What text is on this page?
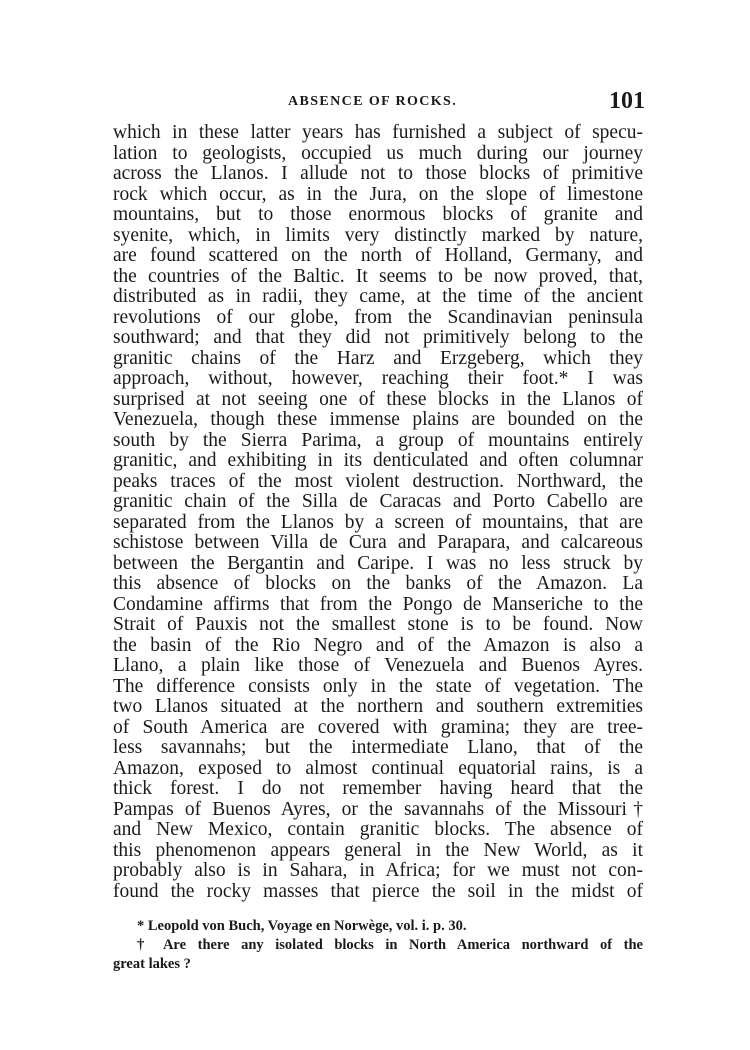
ABSENCE OF ROCKS.	101
which in these latter years has furnished a subject of specu-
lation to geologists, occupied us much during our journey
across the Llanos. I allude not to those blocks of primitive
rock which occur, as in the Jura, on the slope of limestone
mountains, but to those enormous blocks of granite and
syenite, which, in limits very distinctly marked by nature,
are found scattered on the north of Holland, Germany, and
the countries of the Baltic. It seems to be now proved, that,
distributed as in radii, they came, at the time of the ancient
revolutions of our globe, from the Scandinavian peninsula
southward; and that they did not primitively belong to the
granitic chains of the Harz and Erzgeberg, which they
approach, without, however, reaching their foot.* I was
surprised at not seeing one of these blocks in the Llanos of
Venezuela, though these immense plains are bounded on the
south by the Sierra Parima, a group of mountains entirely
granitic, and exhibiting in its denticulated and often columnar
peaks traces of the most violent destruction. Northward, the
granitic chain of the Silla de Caracas and Porto Cabello are
separated from the Llanos by a screen of mountains, that are
schistose between Villa de Cura and Parapara, and calcareous
between the Bergantin and Caripe. I was no less struck by
this absence of blocks on the banks of the Amazon. La
Condamine affirms that from the Pongo de Manseriche to the
Strait of Pauxis not the smallest stone is to be found. Now
the basin of the Rio Negro and of the Amazon is also a
Llano, a plain like those of Venezuela and Buenos Ayres.
The difference consists only in the state of vegetation. The
two Llanos situated at the northern and southern extremities
of South America are covered with gramina; they are tree-
less savannahs; but the intermediate Llano, that of the
Amazon, exposed to almost continual equatorial rains, is a
thick forest. I do not remember having heard that the
Pampas of Buenos Ayres, or the savannahs of the Missouri†
and New Mexico, contain granitic blocks. The absence of
this phenomenon appears general in the New World, as it
probably also is in Sahara, in Africa; for we must not con-
found the rocky masses that pierce the soil in the midst of
* Leopold von Buch, Voyage en Norwège, vol. i. p. 30.
† Are there any isolated blocks in North America northward of the
great lakes ?
